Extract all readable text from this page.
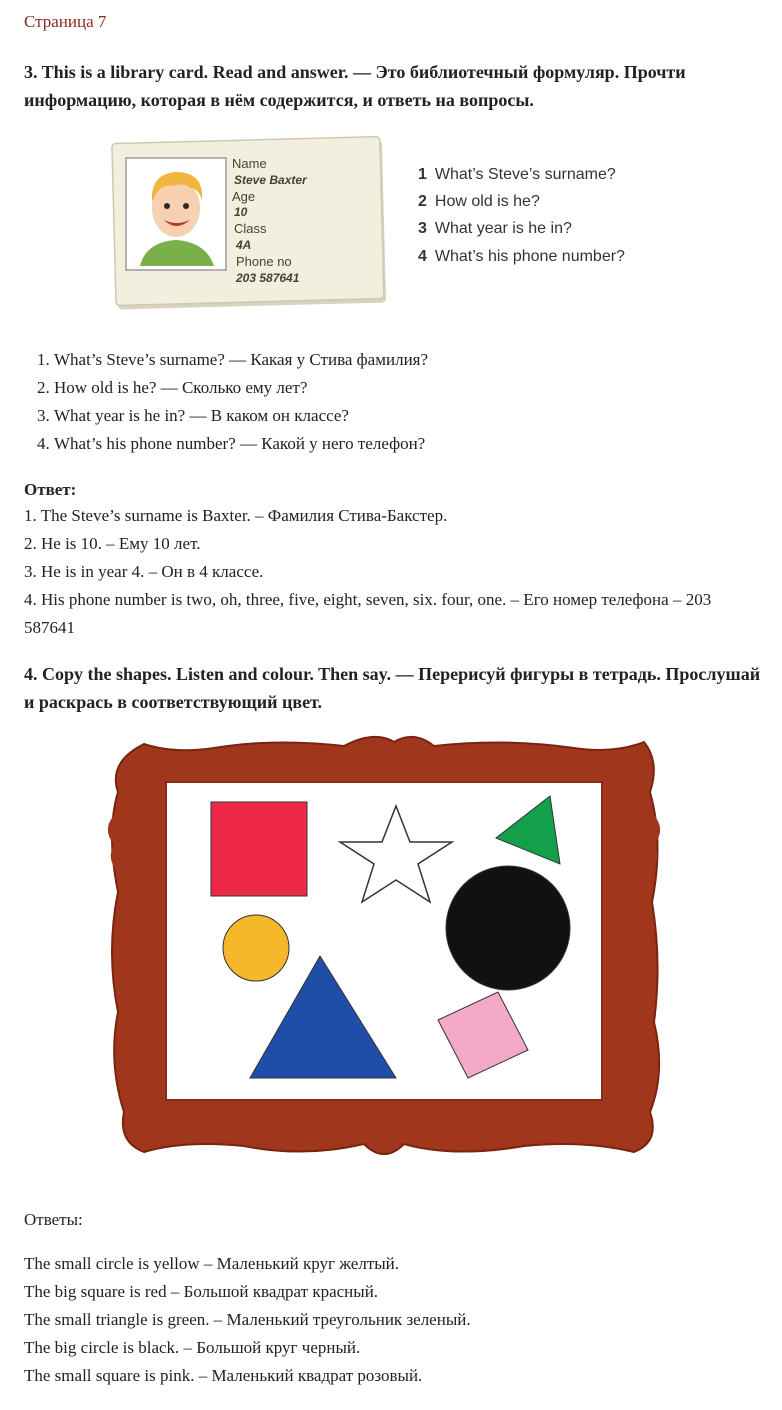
Страница 7

3. This is a library card. Read and answer. — Это библиотечный формуляр. Прочти информацию, которая в нём содержится, и ответь на вопросы.

Name
Steve Baxter
Age
10
Class
4A
Phone no
203 587641
1 What’s Steve’s surname?
2 How old is he?
3 What year is he in?
4 What’s his phone number?
1. What’s Steve’s surname? — Какая у Стива фамилия?
2. How old is he? — Сколько ему лет?
3. What year is he in? — В каком он классе?
4. What’s his phone number? — Какой у него телефон?
Ответ:
1. The Steve’s surname is Baxter. – Фамилия Стива-Бакстер.
2. He is 10. – Ему 10 лет.
3. He is in year 4. – Он в 4 классе.
4. His phone number is two, oh, three, five, eight, seven, six. four, one. – Его номер телефона – 203 587641

4. Copy the shapes. Listen and colour. Then say. — Перерисуй фигуры в тетрадь. Прослушай и раскрась в соответствующий цвет.

Ответы:
The small circle is yellow – Маленький круг желтый.
The big square is red – Большой квадрат красный.
The small triangle is green. – Маленький треугольник зеленый.
The big circle is black. – Большой круг черный.
The small square is pink. – Маленький квадрат розовый.
